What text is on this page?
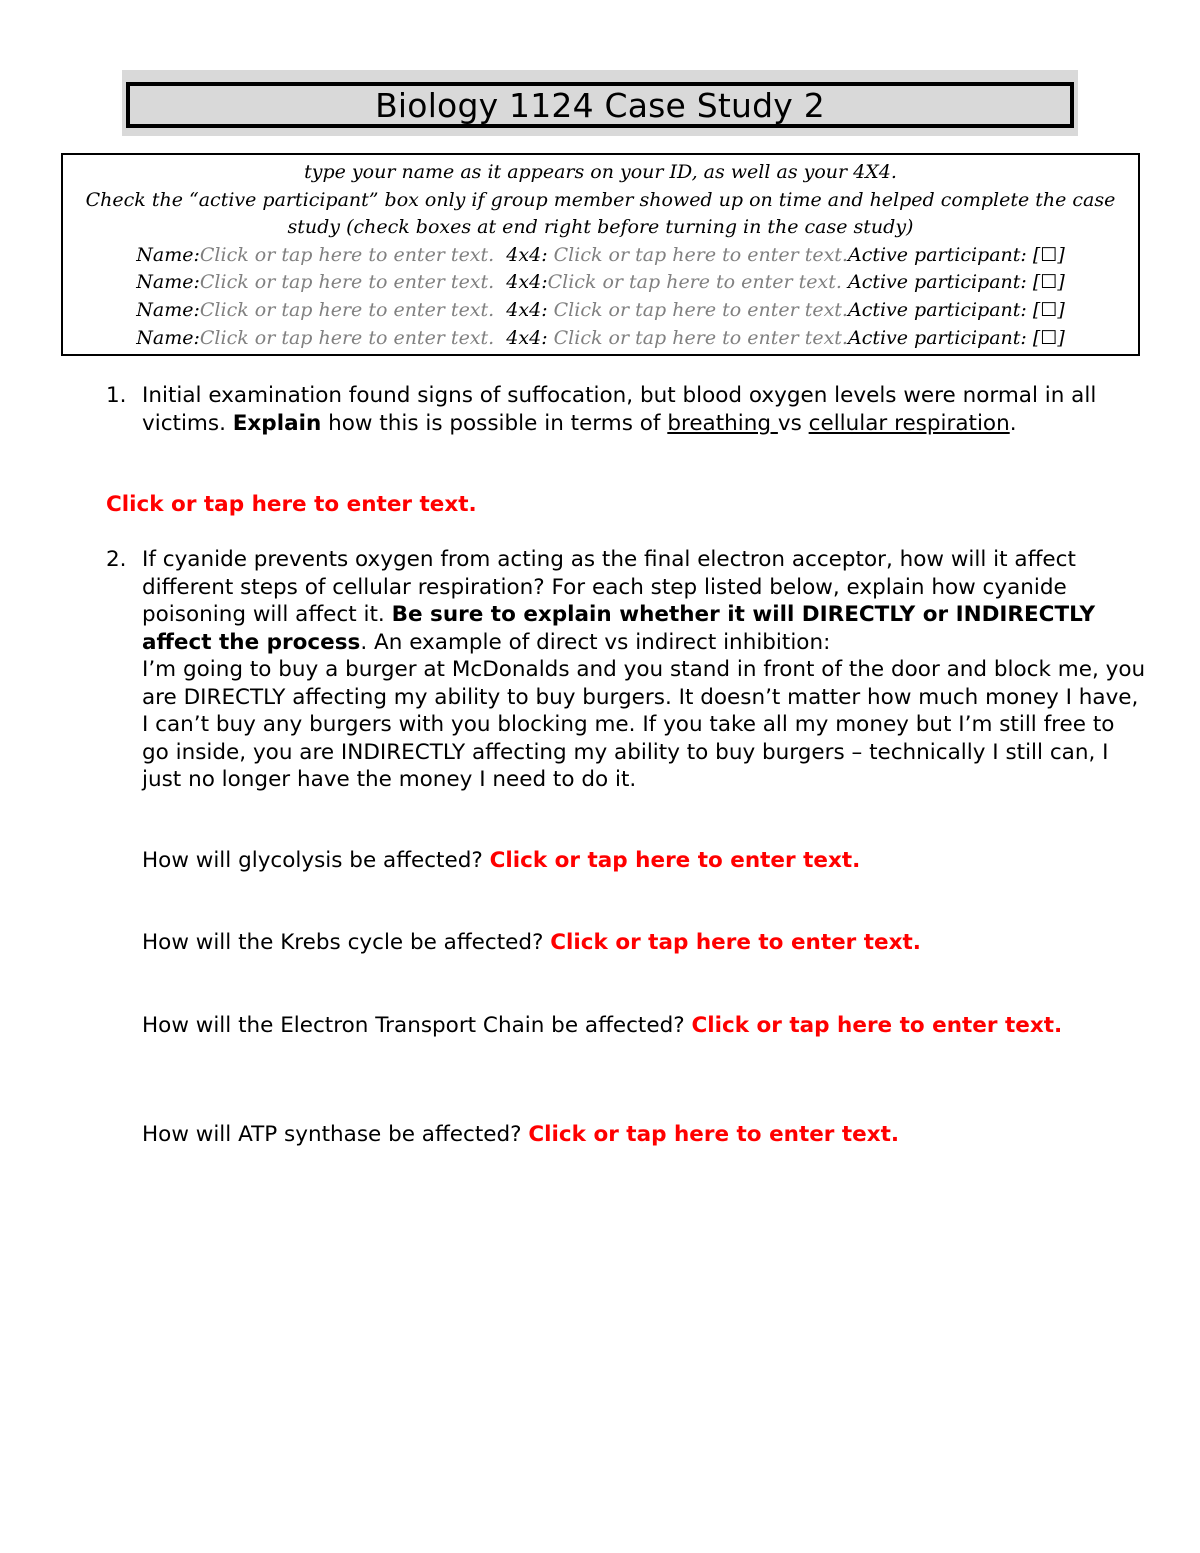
Biology 1124 Case Study 2
type your name as it appears on your ID, as well as your 4X4.
Check the “active participant” box only if group member showed up on time and helped complete the case
study (check boxes at end right before turning in the case study)
Name:Click or tap here to enter text. 4x4: Click or tap here to enter text.Active participant: [☐]
Name:Click or tap here to enter text. 4x4:Click or tap here to enter text. Active participant: [☐]
Name:Click or tap here to enter text. 4x4: Click or tap here to enter text.Active participant: [☐]
Name:Click or tap here to enter text. 4x4: Click or tap here to enter text.Active participant: [☐]
1. Initial examination found signs of suffocation, but blood oxygen levels were normal in all victims. Explain how this is possible in terms of breathing vs cellular respiration.
Click or tap here to enter text.
2. If cyanide prevents oxygen from acting as the final electron acceptor, how will it affect different steps of cellular respiration? For each step listed below, explain how cyanide poisoning will affect it. Be sure to explain whether it will DIRECTLY or INDIRECTLY affect the process. An example of direct vs indirect inhibition:
I’m going to buy a burger at McDonalds and you stand in front of the door and block me, you are DIRECTLY affecting my ability to buy burgers. It doesn’t matter how much money I have, I can’t buy any burgers with you blocking me. If you take all my money but I’m still free to go inside, you are INDIRECTLY affecting my ability to buy burgers – technically I still can, I just no longer have the money I need to do it.
How will glycolysis be affected? Click or tap here to enter text.
How will the Krebs cycle be affected? Click or tap here to enter text.
How will the Electron Transport Chain be affected? Click or tap here to enter text.
How will ATP synthase be affected? Click or tap here to enter text.
